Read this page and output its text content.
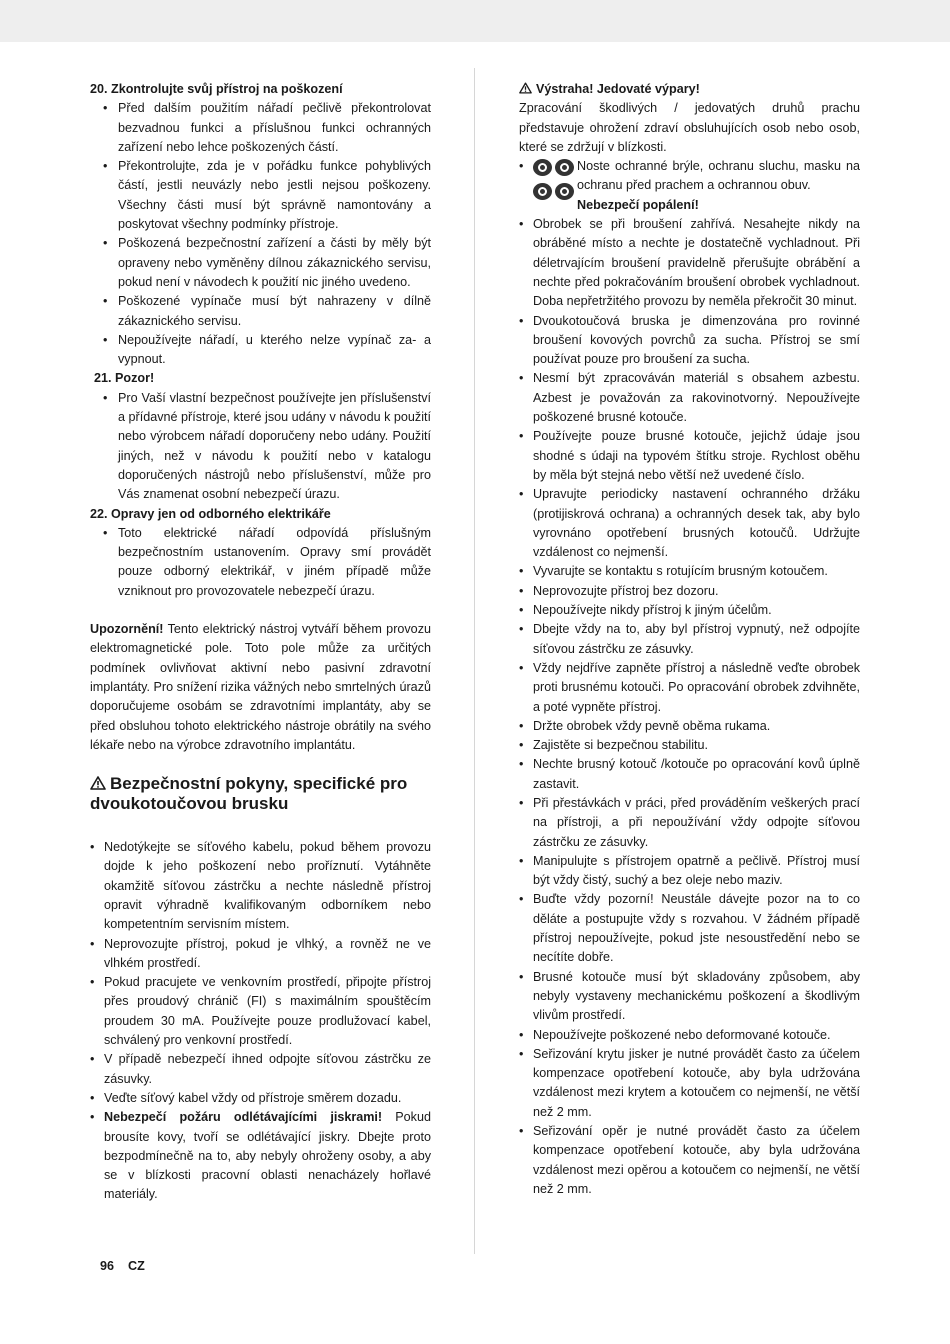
20. Zkontrolujte svůj přístroj na poškození

• Před dalším použitím nářadí pečlivě překontrolovat bezvadnou funkci a příslušnou funkci ochranných zařízení nebo lehce poškozených částí.
• Překontrolujte, zda je v pořádku funkce pohyblivých částí, jestli neuvázly nebo jestli nejsou poškozeny. Všechny části musí být správně namontovány a poskytovat všechny podmínky přístroje.
• Poškozená bezpečnostní zařízení a části by měly být opraveny nebo vyměněny dílnou zákaznického servisu, pokud není v návodech k použití nic jiného uvedeno.
• Poškozené vypínače musí být nahrazeny v dílně zákaznického servisu.
• Nepoužívejte nářadí, u kterého nelze vypínač za- a vypnout.

21. Pozor!

• Pro Vaší vlastní bezpečnost používejte jen příslušenství a přídavné přístroje, které jsou udány v návodu k použití nebo výrobcem nářadí doporučeny nebo udány. Použití jiných, než v návodu k použití nebo v katalogu doporučených nástrojů nebo příslušenství, může pro Vás znamenat osobní nebezpečí úrazu.

22. Opravy jen od odborného elektrikáře

• Toto elektrické nářadí odpovídá příslušným bezpečnostním ustanovením. Opravy smí provádět pouze odborný elektrikář, v jiném případě může vzniknout pro provozovatele nebezpečí úrazu.

Upozornění! Tento elektrický nástroj vytváří během provozu elektromagnetické pole. Toto pole může za určitých podmínek ovlivňovat aktivní nebo pasivní zdravotní implantáty. Pro snížení rizika vážných nebo smrtelných úrazů doporučujeme osobám se zdravotními implantáty, aby se před obsluhou tohoto elektrického nástroje obrátily na svého lékaře nebo na výrobce zdravotního implantátu.

Bezpečnostní pokyny, specifické pro

dvoukotoučovou brusku

• Nedotýkejte se síťového kabelu, pokud během provozu dojde k jeho poškození nebo proříznutí. Vytáhněte okamžitě síťovou zástrčku a nechte následně přístroj opravit výhradně kvalifikovaným odborníkem nebo kompetentním servisním místem.
• Neprovozujte přístroj, pokud je vlhký, a rovněž ne ve vlhkém prostředí.
• Pokud pracujete ve venkovním prostředí, připojte přístroj přes proudový chránič (FI) s maximálním spouštěcím proudem 30 mA. Používejte pouze prodlužovací kabel, schválený pro venkovní prostředí.
• V případě nebezpečí ihned odpojte síťovou zástrčku ze zásuvky.
• Veďte síťový kabel vždy od přístroje směrem dozadu.
• Nebezpečí požáru odlétávajícími jiskrami! Pokud brousíte kovy, tvoří se odlétávající jiskry. Dbejte proto bezpodmínečně na to, aby nebyly ohroženy osoby, a aby se v blízkosti pracovní oblasti nenacházely hořlavé materiály.

Výstraha! Jedovaté výpary!

Zpracování škodlivých / jedovatých druhů prachu představuje ohrožení zdraví obsluhujících osob nebo osob, které se zdržují v blízkosti.

• Noste ochranné brýle, ochranu sluchu, masku na ochranu před prachem a ochrannou obuv.
Nebezpečí popálení!
• Obrobek se při broušení zahřívá. Nesahejte nikdy na obráběné místo a nechte je dostatečně vychladnout. Při déletrvajícím broušení pravidelně přerušujte obrábění a nechte před pokračováním broušení obrobek vychladnout. Doba nepřetržitého provozu by neměla překročit 30 minut.
• Dvoukotoučová bruska je dimenzována pro rovinné broušení kovových povrchů za sucha. Přístroj se smí používat pouze pro broušení za sucha.
• Nesmí být zpracováván materiál s obsahem azbestu. Azbest je považován za rakovinotvorný. Nepoužívejte poškozené brusné kotouče.
• Používejte pouze brusné kotouče, jejichž údaje jsou shodné s údaji na typovém štítku stroje. Rychlost oběhu by měla být stejná nebo větší než uvedené číslo.
• Upravujte periodicky nastavení ochranného držáku (protijiskrová ochrana) a ochranných desek tak, aby bylo vyrovnáno opotřebení brusných kotoučů. Udržujte vzdálenost co nejmenší.
• Vyvarujte se kontaktu s rotujícím brusným kotoučem.
• Neprovozujte přístroj bez dozoru.
• Nepoužívejte nikdy přístroj k jiným účelům.
• Dbejte vždy na to, aby byl přístroj vypnutý, než odpojíte síťovou zástrčku ze zásuvky.
• Vždy nejdříve zapněte přístroj a následně veďte obrobek proti brusnému kotouči. Po opracování obrobek zdvihněte, a poté vypněte přístroj.
• Držte obrobek vždy pevně oběma rukama.
• Zajistěte si bezpečnou stabilitu.
• Nechte brusný kotouč /kotouče po opracování kovů úplně zastavit.
• Při přestávkách v práci, před prováděním veškerých prací na přístroji, a při nepoužívání vždy odpojte síťovou zástrčku ze zásuvky.
• Manipulujte s přístrojem opatrně a pečlivě. Přístroj musí být vždy čistý, suchý a bez oleje nebo maziv.
• Buďte vždy pozorní! Neustále dávejte pozor na to co děláte a postupujte vždy s rozvahou. V žádném případě přístroj nepoužívejte, pokud jste nesoustředění nebo se necítíte dobře.
• Brusné kotouče musí být skladovány způsobem, aby nebyly vystaveny mechanickému poškození a škodlivým vlivům prostředí.
• Nepoužívejte poškozené nebo deformované kotouče.
• Seřizování krytu jisker je nutné provádět často za účelem kompenzace opotřebení kotouče, aby byla udržována vzdálenost mezi krytem a kotoučem co nejmenší, ne větší než 2 mm.
• Seřizování opěr je nutné provádět často za účelem kompenzace opotřebení kotouče, aby byla udržována vzdálenost mezi opěrou a kotoučem co nejmenší, ne větší než 2 mm.
96 CZ
